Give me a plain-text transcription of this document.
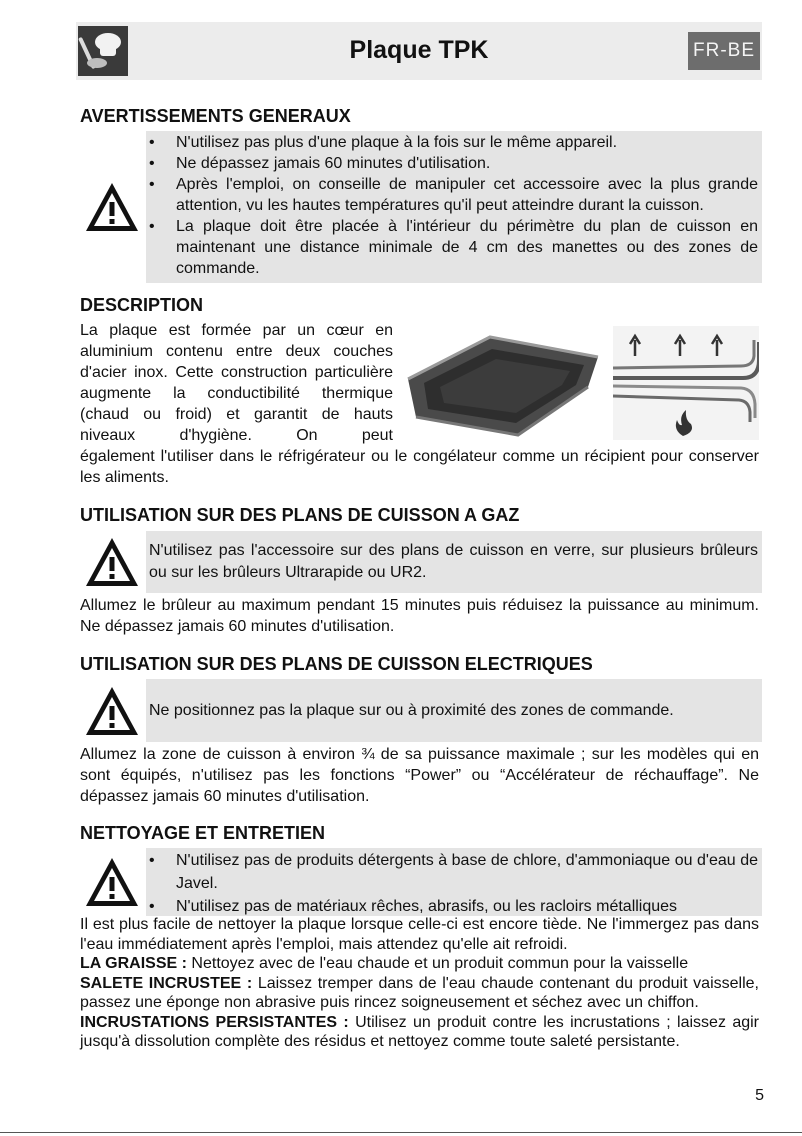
Plaque TPK	FR-BE
AVERTISSEMENTS GENERAUX
• N'utilisez pas plus d'une plaque à la fois sur le même appareil.
• Ne dépassez jamais 60 minutes d'utilisation.
• Après l'emploi, on conseille de manipuler cet accessoire avec la plus grande attention, vu les hautes températures qu'il peut atteindre durant la cuisson.
• La plaque doit être placée à l'intérieur du périmètre du plan de cuisson en maintenant une distance minimale de 4 cm des manettes ou des zones de commande.
DESCRIPTION
La plaque est formée par un cœur en aluminium contenu entre deux couches d'acier inox. Cette construction particulière augmente la conductibilité thermique (chaud ou froid) et garantit de hauts niveaux d'hygiène. On peut
également l'utiliser dans le réfrigérateur ou le congélateur comme un récipient pour conserver les aliments.
UTILISATION SUR DES PLANS DE CUISSON A GAZ
N'utilisez pas l'accessoire sur des plans de cuisson en verre, sur plusieurs brûleurs ou sur les brûleurs Ultrarapide ou UR2.
Allumez le brûleur au maximum pendant 15 minutes puis réduisez la puissance au minimum. Ne dépassez jamais 60 minutes d'utilisation.
UTILISATION SUR DES PLANS DE CUISSON ELECTRIQUES
Ne positionnez pas la plaque sur ou à proximité des zones de commande.
Allumez la zone de cuisson à environ ¾ de sa puissance maximale ; sur les modèles qui en sont équipés, n'utilisez pas les fonctions “Power” ou “Accélérateur de réchauffage”. Ne dépassez jamais 60 minutes d'utilisation.
NETTOYAGE ET ENTRETIEN
• N'utilisez pas de produits détergents à base de chlore, d'ammoniaque ou d'eau de Javel.
• N'utilisez pas de matériaux rêches, abrasifs, ou les racloirs métalliques
Il est plus facile de nettoyer la plaque lorsque celle-ci est encore tiède. Ne l'immergez pas dans l'eau immédiatement après l'emploi, mais attendez qu'elle ait refroidi.
LA GRAISSE : Nettoyez avec de l'eau chaude et un produit commun pour la vaisselle
SALETE INCRUSTEE : Laissez tremper dans de l'eau chaude contenant du produit vaisselle, passez une éponge non abrasive puis rincez soigneusement et séchez avec un chiffon.
INCRUSTATIONS PERSISTANTES : Utilisez un produit contre les incrustations ; laissez agir jusqu'à dissolution complète des résidus et nettoyez comme toute saleté persistante.
5
